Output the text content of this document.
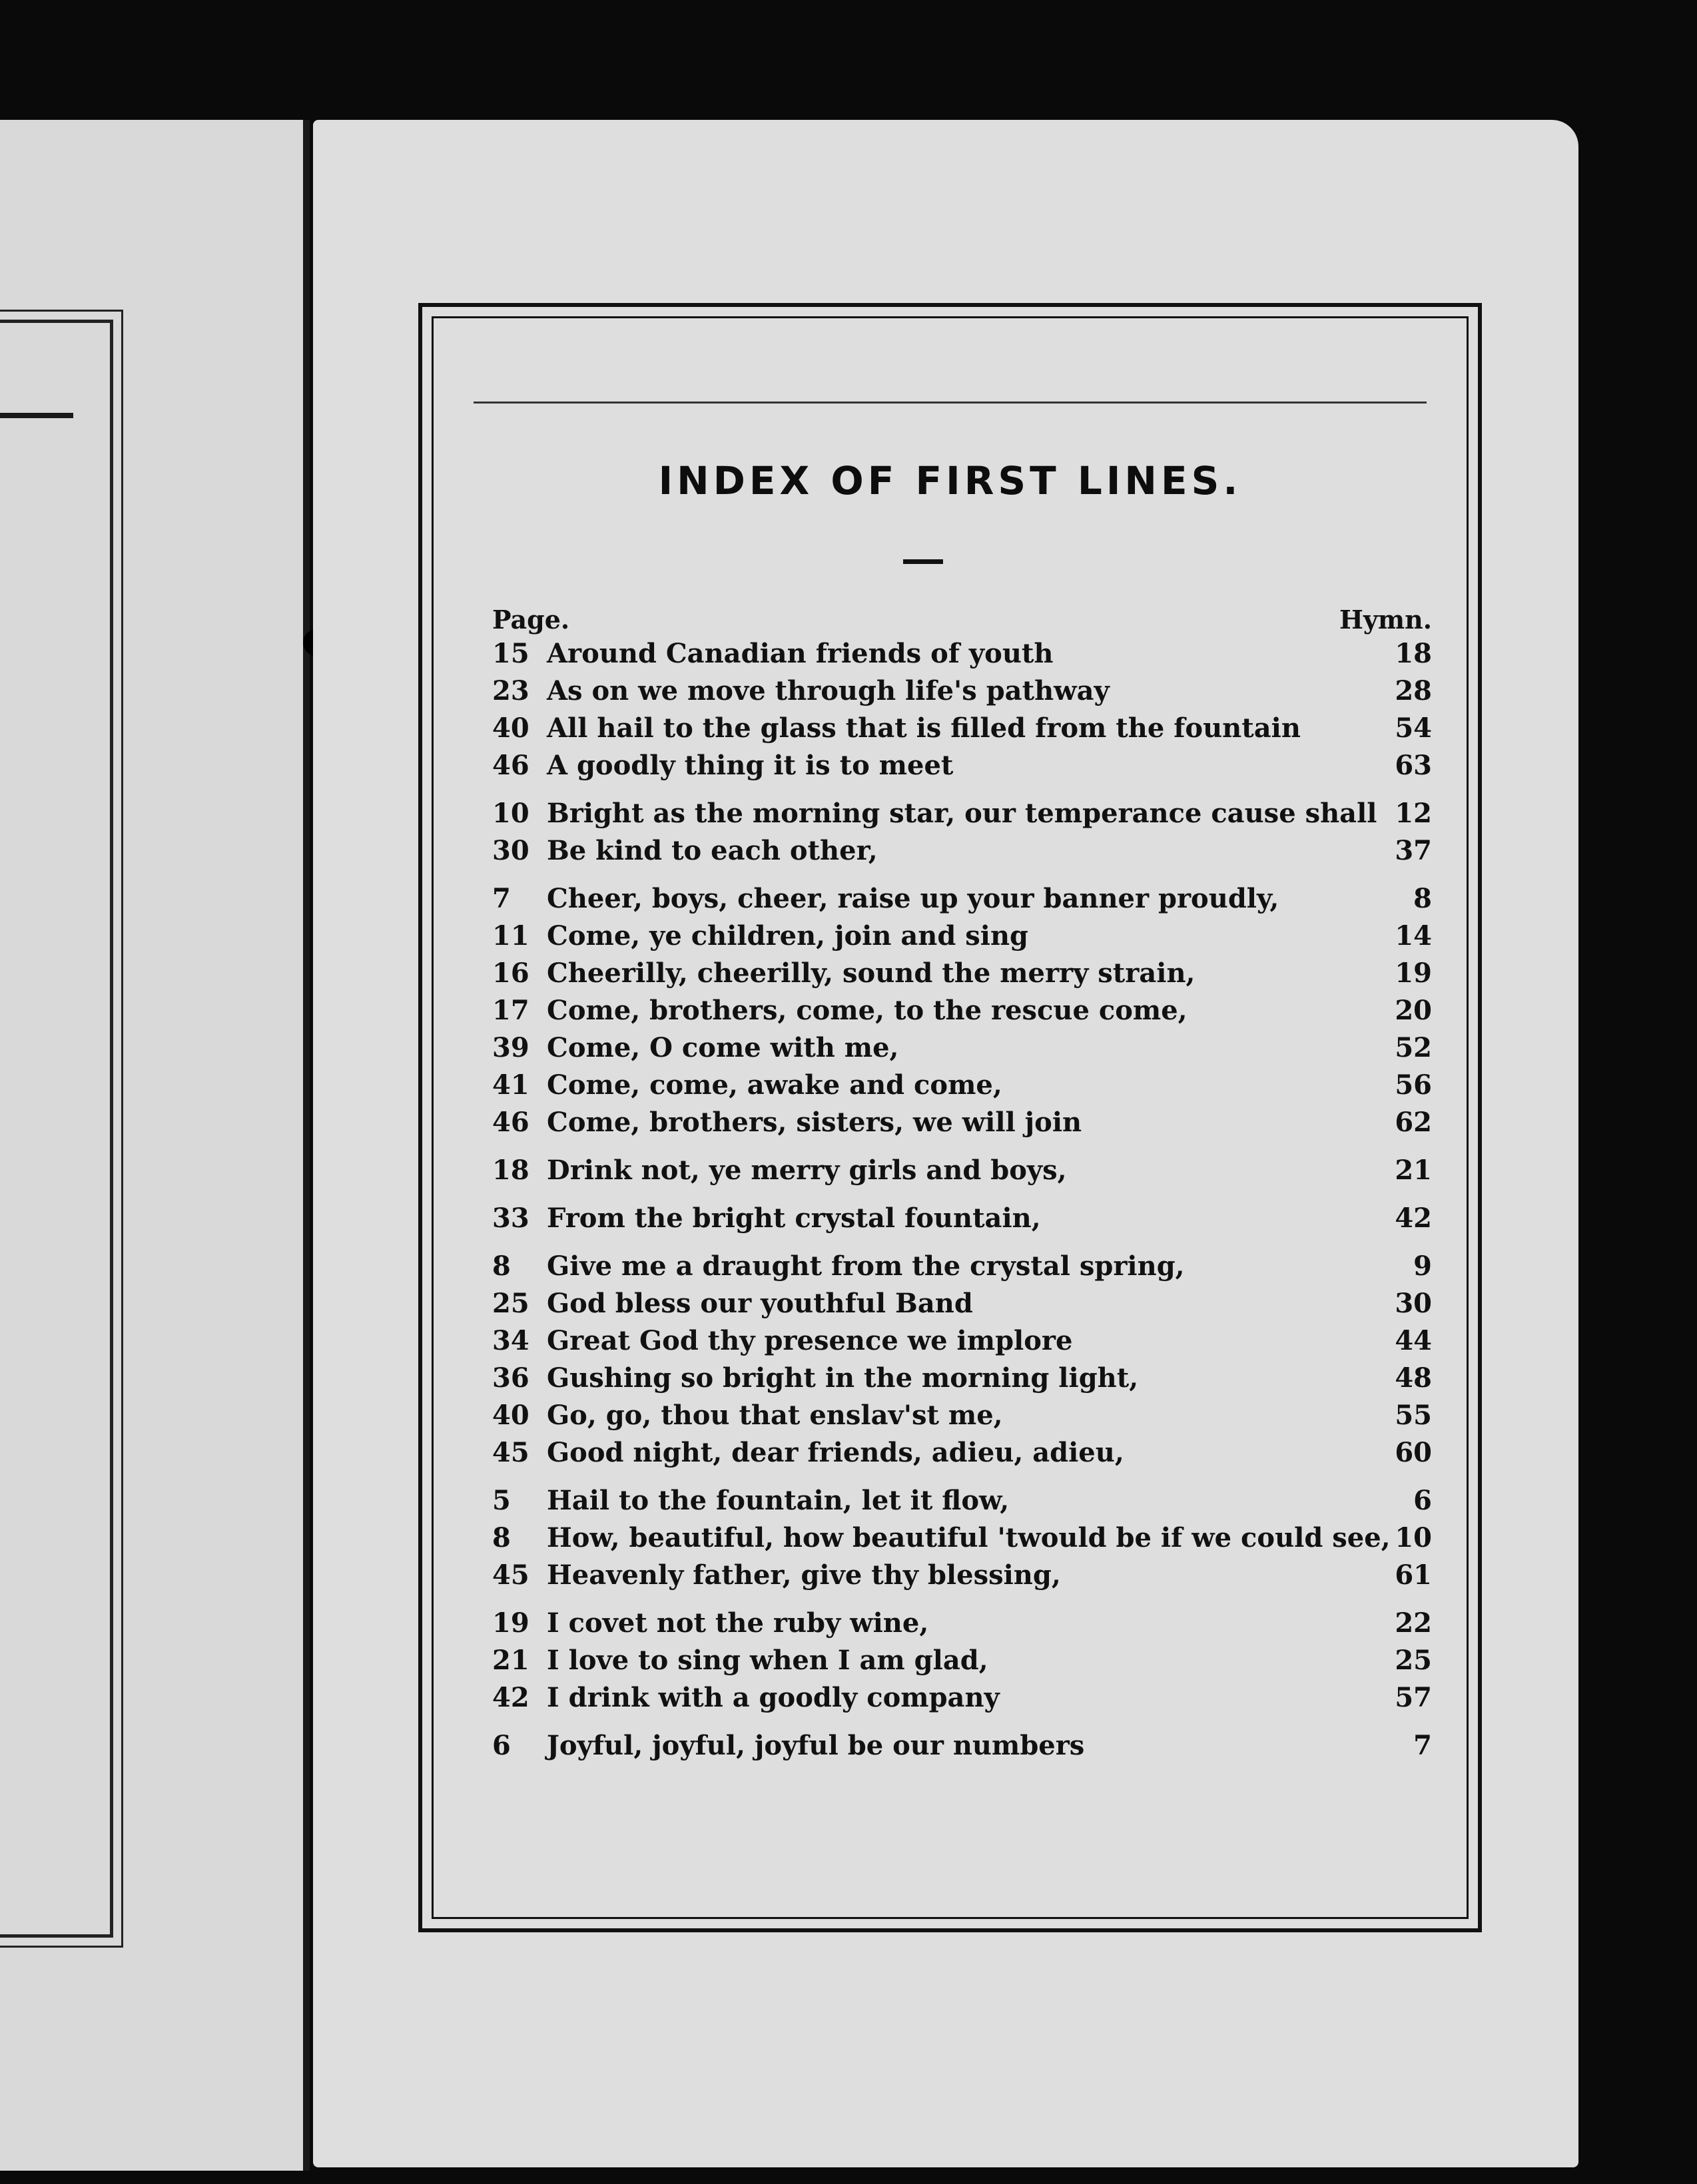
INDEX OF FIRST LINES.
Page.	Hymn.
15 Around Canadian friends of youth	18
23 As on we move through life's pathway	28
40 All hail to the glass that is filled from the fountain	54
46 A goodly thing it is to meet	63
10 Bright as the morning star, our temperance cause shall 12
30 Be kind to each other,	37
7	Cheer, boys, cheer, raise up your banner proudly,	8
11 Come, ye children, join and sing	14
16 Cheerilly, cheerilly, sound the merry strain,	19
17 Come, brothers, come, to the rescue come,	20
39 Come, O come with me,	52
41 Come, come, awake and come,	56
46 Come, brothers, sisters, we will join	62
18 Drink not, ye merry girls and boys,	21
33 From the bright crystal fountain,	42
8	Give me a draught from the crystal spring,	9
25 God bless our youthful Band	30
34 Great God thy presence we implore	44
36 Gushing so bright in the morning light,	48
40 Go, go, thou that enslav'st me,	55
45 Good night, dear friends, adieu, adieu,	60
5	Hail to the fountain, let it flow,	6
8	How, beautiful, how beautiful 'twould be if we could see, 10
45 Heavenly father, give thy blessing,	61
19 I covet not the ruby wine,	22
21 I love to sing when I am glad,	25
42 I drink with a goodly company	57
6	Joyful, joyful, joyful be our numbers	7
